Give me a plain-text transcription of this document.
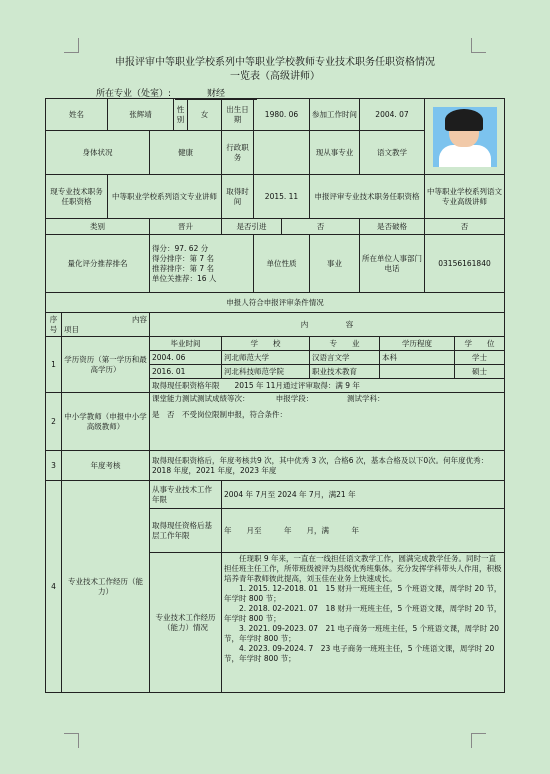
申报评审中等职业学校系列中等职业学校教师专业技术职务任职资格情况
一览表（高级讲师）
所在专业（处室）:	财经
姓名		张辉靖		性别	女	出生日期	1980. 06		参加工作时间	2004. 07			

身体状况			健康			行政职务			现从事专业	语文教学			
现专业技术职务任职资格		中等职业学校系列语文专业讲师				取得时间	2015. 11		申报评审专业技术职务任职资格			中等职业学校系列语文专业高级讲师	
类别			晋升			是否引进		否		是否破格		否	
量化评分推荐排名			得分：97. 62 分
得分排序：第 7 名
推荐排序：第 7 名
单位关推荐：16 人				单位性质		事业	所在单位人事部门电话		03156161840	
申报人符合申报评审条件情况													
序号	内容
项目		内　　　　　容										
1	学历资历（第一学历和最高学历）		毕业时间			学　　校			专　　业		学历程度		学　　位
			2004. 06			河北师范大学			汉语言文学		本科		学士
			2016. 01			河北科技师范学院			职业技术教育				硕士
			取得现任职资格年限　　2015 年 11月通过评审取得：满 9 年										
2	中小学教师（申报中小学高级教师）		课堂能力测试测试成绩等次：　　　　申报学段：　　　　　测试学科：
是　否　不受岗位限制申报，符合条件：										

3	年度考核		取得现任职资格后，年度考核共9 次，其中优秀 3 次，合格6 次，基本合格及以下0次。何年度优秀：2018 年度，2021 年度，2023 年度										
4	专业技术工作经历（能力）		从事专业技术工作年限			2004 年 7月至 2024 年 7月，满21 年							
			取得现任资格后基层工作年限			年　　月至　　　年　　月，满　　　年							
			专业技术工作经历（能力）情况			任现职 9 年来，一直在一线担任语文教学工作，圆满完成教学任务。同时一直担任班主任工作，所带班级被评为县级优秀班集体。充分发挥学科带头人作用，积极培养青年教师彼此提高，刘玉佳在业务上快速成长。
1. 2015. 12-2018. 01　15 财升一班班主任，5 个班语文课，周学时 20 节，年学时 800 节；
2. 2018. 02-2021. 07　18 财升一班班主任，5 个班语文课，周学时 20 节，年学时 800 节；
3. 2021. 09-2023. 07　21 电子商务一班班主任，5 个班语文课，周学时 20 节，年学时 800 节；
4. 2023. 09-2024. 7　23 电子商务一班班主任，5 个班语文课，周学时 20 节，年学时 800 节；							
